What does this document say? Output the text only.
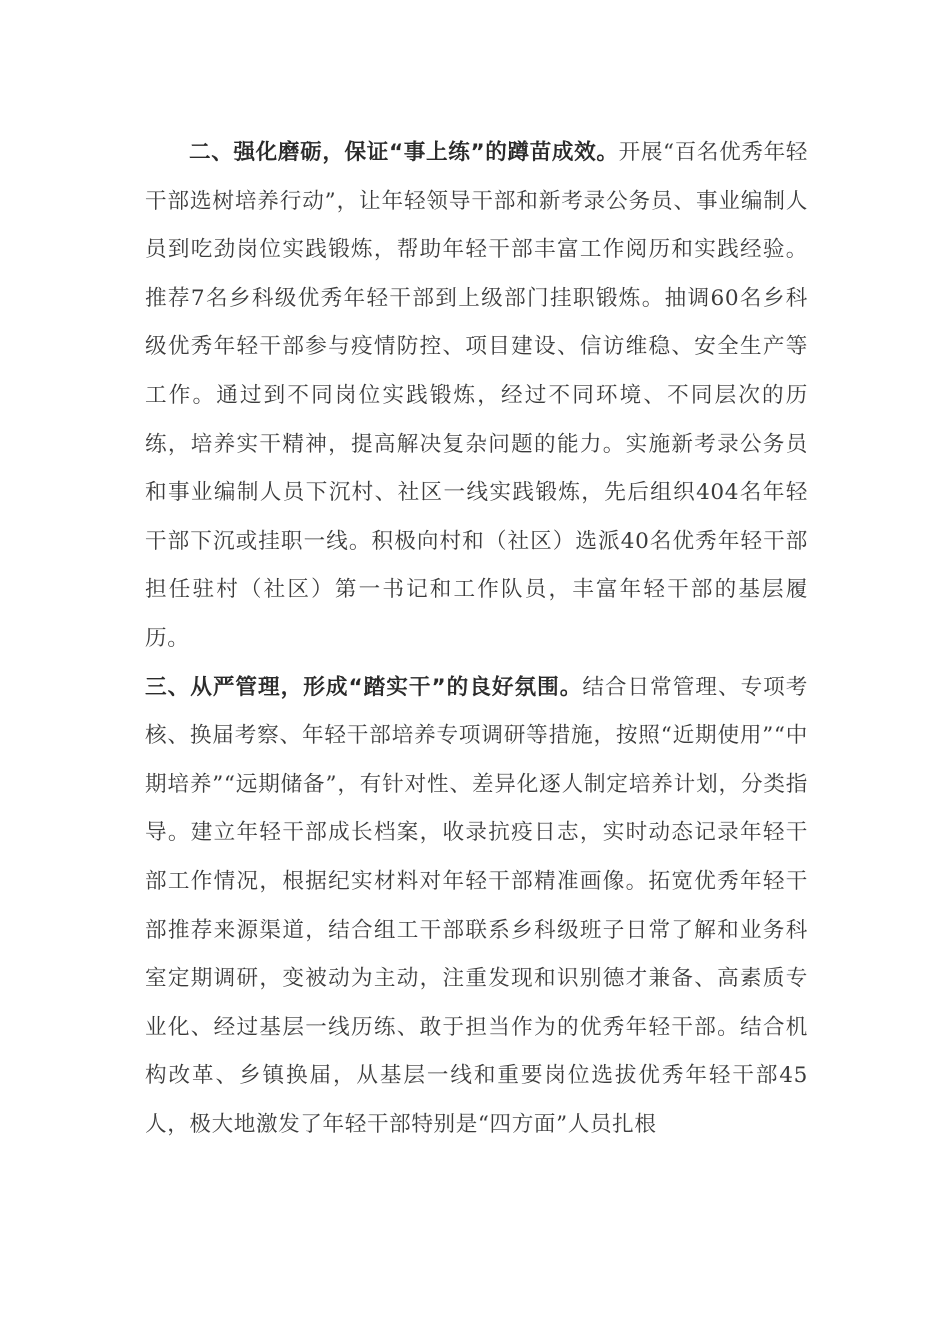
二、强化磨砺，保证“事上练”的蹲苗成效。开展“百名优秀年轻干部选树培养行动”，让年轻领导干部和新考录公务员、事业编制人员到吃劲岗位实践锻炼，帮助年轻干部丰富工作阅历和实践经验。推荐7名乡科级优秀年轻干部到上级部门挂职锻炼。抽调60名乡科级优秀年轻干部参与疫情防控、项目建设、信访维稳、安全生产等工作。通过到不同岗位实践锻炼，经过不同环境、不同层次的历练，培养实干精神，提高解决复杂问题的能力。实施新考录公务员和事业编制人员下沉村、社区一线实践锻炼，先后组织404名年轻干部下沉或挂职一线。积极向村和（社区）选派40名优秀年轻干部担任驻村（社区）第一书记和工作队员，丰富年轻干部的基层履历。

三、从严管理，形成“踏实干”的良好氛围。结合日常管理、专项考核、换届考察、年轻干部培养专项调研等措施，按照“近期使用”“中期培养”“远期储备”，有针对性、差异化逐人制定培养计划，分类指导。建立年轻干部成长档案，收录抗疫日志，实时动态记录年轻干部工作情况，根据纪实材料对年轻干部精准画像。拓宽优秀年轻干部推荐来源渠道，结合组工干部联系乡科级班子日常了解和业务科室定期调研，变被动为主动，注重发现和识别德才兼备、高素质专业化、经过基层一线历练、敢于担当作为的优秀年轻干部。结合机构改革、乡镇换届，从基层一线和重要岗位选拔优秀年轻干部45人，极大地激发了年轻干部特别是“四方面”人员扎根
